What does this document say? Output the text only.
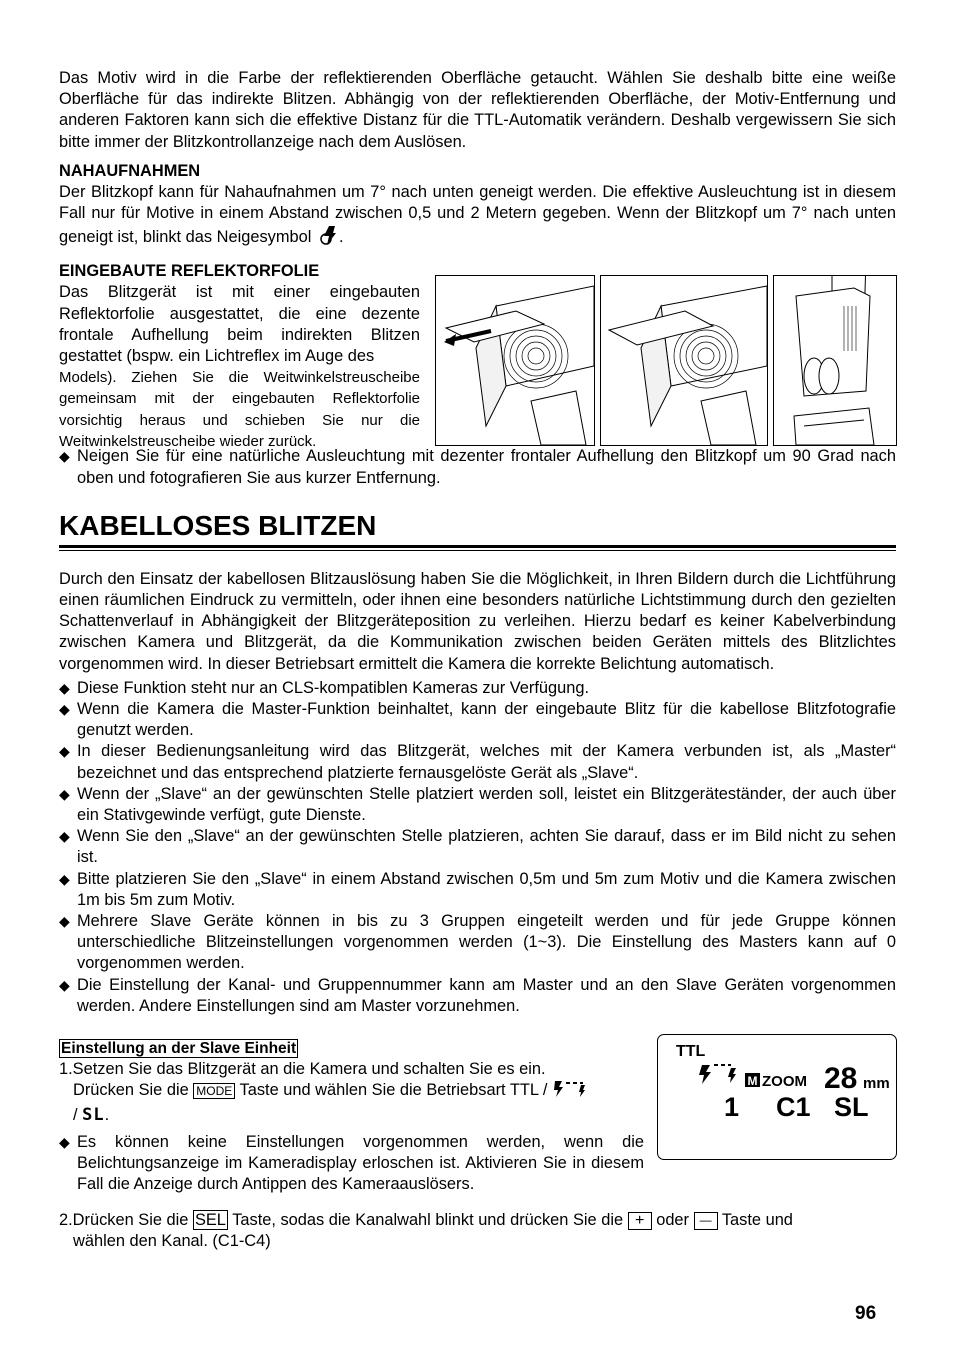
Das Motiv wird in die Farbe der reflektierenden Oberfläche getaucht. Wählen Sie deshalb bitte eine weiße Oberfläche für das indirekte Blitzen. Abhängig von der reflektierenden Oberfläche, der Motiv-Entfernung und anderen Faktoren kann sich die effektive Distanz für die TTL-Automatik verändern. Deshalb vergewissern Sie sich bitte immer der Blitzkontrollanzeige nach dem Auslösen.

NAHAUFNAHMEN

Der Blitzkopf kann für Nahaufnahmen um 7° nach unten geneigt werden. Die effektive Ausleuchtung ist in diesem Fall nur für Motive in einem Abstand zwischen 0,5 und 2 Metern gegeben. Wenn der Blitzkopf um 7° nach unten geneigt ist, blinkt das Neigesymbol .

EINGEBAUTE REFLEKTORFOLIE

Das Blitzgerät ist mit einer eingebauten Reflektorfolie ausgestattet, die eine dezente frontale Aufhellung beim indirekten Blitzen gestattet (bspw. ein Lichtreflex im Auge des

Models). Ziehen Sie die Weitwinkelstreuscheibe gemeinsam mit der eingebauten Reflektorfolie vorsichtig heraus und schieben Sie nur die Weitwinkelstreuscheibe wieder zurück.

◆ Neigen Sie für eine natürliche Ausleuchtung mit dezenter frontaler Aufhellung den Blitzkopf um 90 Grad nach oben und fotografieren Sie aus kurzer Entfernung.

KABELLOSES BLITZEN

Durch den Einsatz der kabellosen Blitzauslösung haben Sie die Möglichkeit, in Ihren Bildern durch die Lichtführung einen räumlichen Eindruck zu vermitteln, oder ihnen eine besonders natürliche Lichtstimmung durch den gezielten Schattenverlauf in Abhängigkeit der Blitzgeräteposition zu verleihen. Hierzu bedarf es keiner Kabelverbindung zwischen Kamera und Blitzgerät, da die Kommunikation zwischen beiden Geräten mittels des Blitzlichtes vorgenommen wird. In dieser Betriebsart ermittelt die Kamera die korrekte Belichtung automatisch.

◆ Diese Funktion steht nur an CLS-kompatiblen Kameras zur Verfügung.

◆ Wenn die Kamera die Master-Funktion beinhaltet, kann der eingebaute Blitz für die kabellose Blitzfotografie genutzt werden.

◆ In dieser Bedienungsanleitung wird das Blitzgerät, welches mit der Kamera verbunden ist, als „Master“ bezeichnet und das entsprechend platzierte fernausgelöste Gerät als „Slave“.

◆ Wenn der „Slave“ an der gewünschten Stelle platziert werden soll, leistet ein Blitzgeräteständer, der auch über ein Stativgewinde verfügt, gute Dienste.

◆ Wenn Sie den „Slave“ an der gewünschten Stelle platzieren, achten Sie darauf, dass er im Bild nicht zu sehen ist.

◆ Bitte platzieren Sie den „Slave“ in einem Abstand zwischen 0,5m und 5m zum Motiv und die Kamera zwischen 1m bis 5m zum Motiv.

◆ Mehrere Slave Geräte können in bis zu 3 Gruppen eingeteilt werden und für jede Gruppe können unterschiedliche Blitzeinstellungen vorgenommen werden (1~3). Die Einstellung des Masters kann auf 0 vorgenommen werden.

◆ Die Einstellung der Kanal- und Gruppennummer kann am Master und an den Slave Geräten vorgenommen werden. Andere Einstellungen sind am Master vorzunehmen.

Einstellung an der Slave Einheit

1.Setzen Sie das Blitzgerät an die Kamera und schalten Sie es ein.

Drücken Sie die MODE Taste und wählen Sie die Betriebsart TTL /
/ SL.

◆ Es können keine Einstellungen vorgenommen werden, wenn die Belichtungsanzeige im Kameradisplay erloschen ist. Aktivieren Sie in diesem Fall die Anzeige durch Antippen des Kameraauslösers.

TTL
M ZOOM 28 mm
1 C1 SL

2.Drücken Sie die SEL Taste, sodas die Kanalwahl blinkt und drücken Sie die + oder — Taste und

wählen den Kanal. (C1-C4)

96
